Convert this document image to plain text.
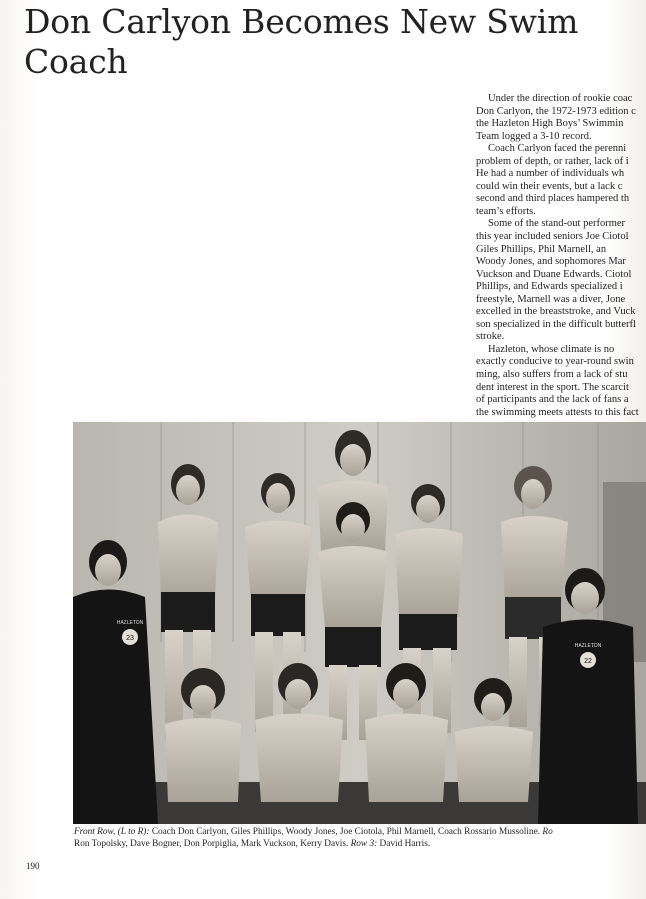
Don Carlyon Becomes New Swim
Coach

Under the direction of rookie coac

Don Carlyon, the 1972-1973 edition c
the Hazleton High Boys’ Swimmin
Team logged a 3-10 record.

Coach Carlyon faced the perenni

problem of depth, or rather, lack of i
He had a number of individuals wh
could win their events, but a lack c
second and third places hampered th
team’s efforts.

Some of the stand-out performer

this year included seniors Joe Ciotol
Giles Phillips, Phil Marnell, an
Woody Jones, and sophomores Mar
Vuckson and Duane Edwards. Ciotol
Phillips, and Edwards specialized i
freestyle, Marnell was a diver, Jone
excelled in the breaststroke, and Vuck
son specialized in the difficult butterfl
stroke.

Hazleton, whose climate is no

exactly conducive to year-round swin
ming, also suffers from a lack of stu
dent interest in the sport. The scarcit
of participants and the lack of fans a
the swimming meets attests to this fact
23
HAZLETON
22
HAZLETON

Front Row, (L to R): Coach Don Carlyon, Giles Phillips, Woody Jones, Joe Ciotola, Phil Marnell, Coach Rossario Mussoline. Ro
Ron Topolsky, Dave Bogner, Don Porpiglia, Mark Vuckson, Kerry Davis. Row 3: David Harris.

190
